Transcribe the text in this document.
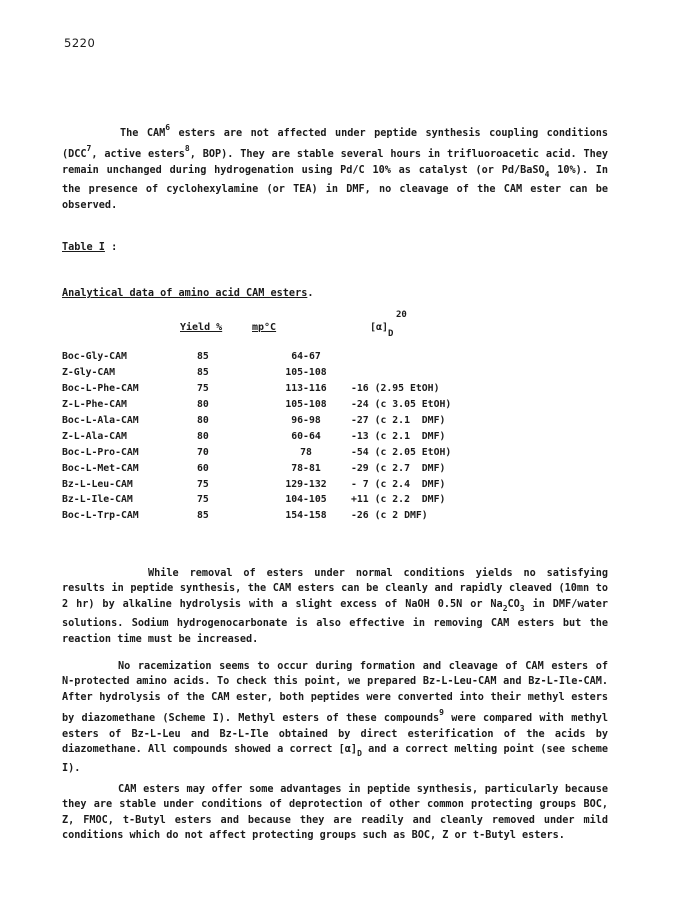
5220

The CAM$^6$ esters are not affected under peptide synthesis coupling conditions (DCC$^7$, active esters$^8$, BOP). They are stable several hours in trifluoroacetic acid. They remain unchanged during hydrogenation using Pd/C 10% as catalyst (or Pd/BaSO$_4$ 10%). In the presence of cyclohexylamine (or TEA) in DMF, no cleavage of the CAM ester can be observed.

Table I :
Analytical data of amino acid CAM esters.
Yield %	mp°C	[α]
20
D
Boc-Gly-CAM	85	64-67	
Z-Gly-CAM	85	105-108	
Boc-L-Phe-CAM	75	113-116	-16 (2.95 EtOH)
Z-L-Phe-CAM	80	105-108	-24 (c 3.05 EtOH)
Boc-L-Ala-CAM	80	96-98	-27 (c 2.1  DMF)
Z-L-Ala-CAM	80	60-64	-13 (c 2.1  DMF)
Boc-L-Pro-CAM	70	78	-54 (c 2.05 EtOH)
Boc-L-Met-CAM	60	78-81	-29 (c 2.7  DMF)
Bz-L-Leu-CAM	75	129-132	- 7 (c 2.4  DMF)
Bz-L-Ile-CAM	75	104-105	+11 (c 2.2  DMF)
Boc-L-Trp-CAM	85	154-158	-26 (c 2 DMF)

While removal of esters under normal conditions yields no satisfying results in peptide synthesis, the CAM esters can be cleanly and rapidly cleaved (10mn to 2 hr) by alkaline hydrolysis with a slight excess of NaOH 0.5N or $Na_2CO_3$ in DMF/water solutions. Sodium hydrogenocarbonate is also effective in removing CAM esters but the reaction time must be increased.

No racemization seems to occur during formation and cleavage of CAM esters of N-protected amino acids. To check this point, we prepared Bz-L-Leu-CAM and Bz-L-Ile-CAM. After hydrolysis of the CAM ester, both peptides were converted into their methyl esters by diazomethane (Scheme I). Methyl esters of these compounds$^9$ were compared with methyl esters of Bz-L-Leu and Bz-L-Ile obtained by direct esterification of the acids by diazomethane. All compounds showed a correct $[\alpha]_D$ and a correct melting point (see scheme I).

CAM esters may offer some advantages in peptide synthesis, particularly because they are stable under conditions of deprotection of other common protecting groups BOC, Z, FMOC, t-Butyl esters and because they are readily and cleanly removed under mild conditions which do not affect protecting groups such as BOC, Z or t-Butyl esters.
